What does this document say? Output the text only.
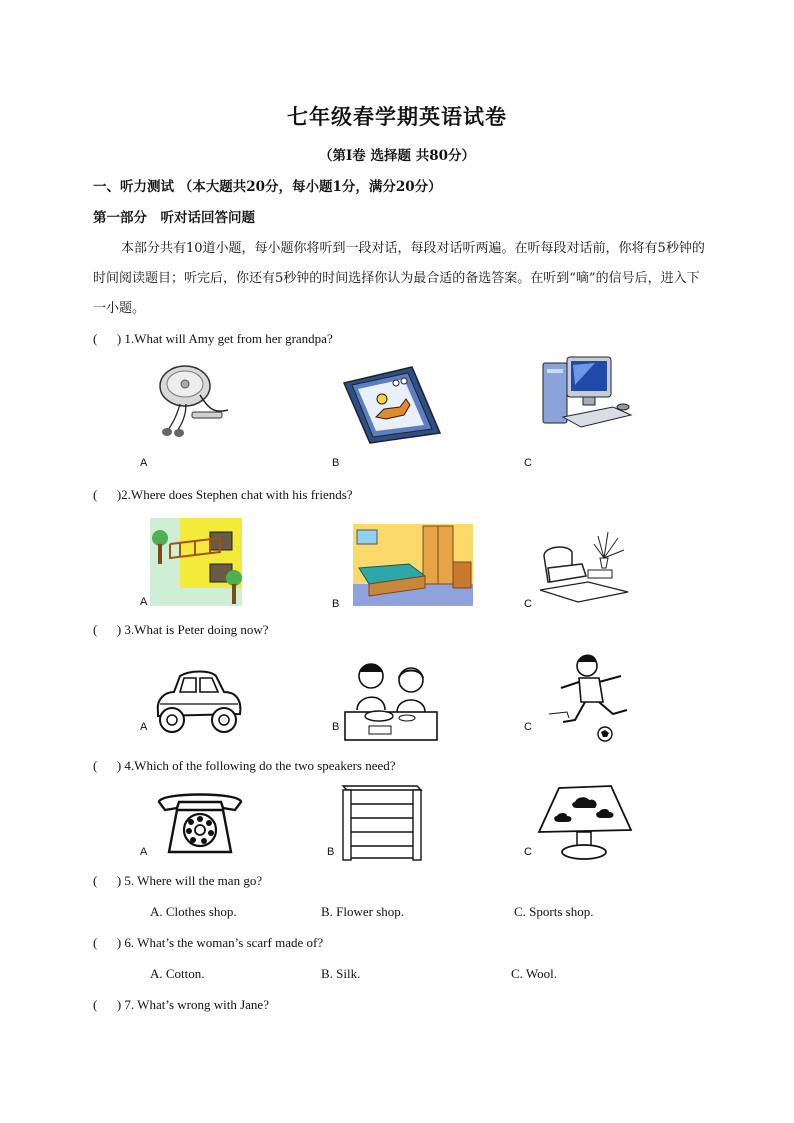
七年级春学期英语试卷
（第I卷 选择题 共80分）
一、听力测试 （本大题共20分，每小题1分，满分20分）
第一部分　听对话回答问题
本部分共有10道小题，每小题你将听到一段对话，每段对话听两遍。在听每段对话前，你将有5秒钟的时间阅读题目；听完后，你还有5秒钟的时间选择你认为最合适的备选答案。在听到“嘀”的信号后，进入下一小题。
(      ) 1.What will Amy get from her grandpa?
A	B	C
(      )2.Where does Stephen chat with his friends?
A	B	C
(      ) 3.What is Peter doing now?
A	B	C
(      ) 4.Which of the following do the two speakers need?
A	B	C
(      ) 5. Where will the man go?
A. Clothes shop.	B. Flower shop.	C. Sports shop.
(      ) 6. What’s the woman’s scarf made of?
A. Cotton.	B. Silk.	C. Wool.
(      ) 7. What’s wrong with Jane?
